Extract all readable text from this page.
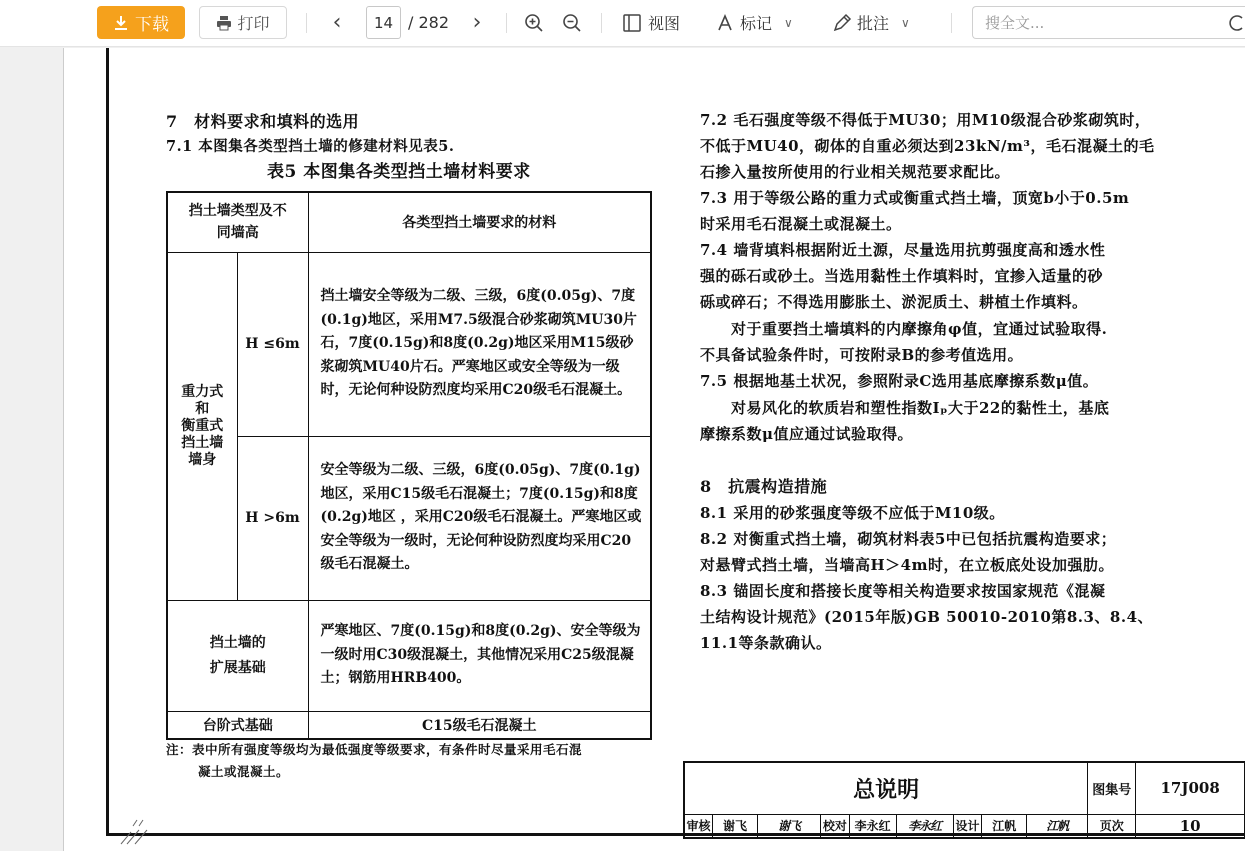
下载	打印	‹	14 / 282 ›	视图	标记 ∨	批注 ∨	搜全文...
7　材料要求和填料的选用
7.1 本图集各类型挡土墙的修建材料见表5.
表5 本图集各类型挡土墙材料要求
挡土墙类型及不
同墙高		各类型挡土墙要求的材料

重力式
和
衡重式
挡土墙
墙身	H ≤6m	挡土墙安全等级为二级、三级，6度(0.05g)、7度(0.1g)地区，采用M7.5级混合砂浆砌筑MU30片石，7度(0.15g)和8度(0.2g)地区采用M15级砂浆砌筑MU40片石。严寒地区或安全等级为一级时，无论何种设防烈度均采用C20级毛石混凝土。
	H >6m	安全等级为二级、三级，6度(0.05g)、7度(0.1g)地区，采用C15级毛石混凝土；7度(0.15g)和8度(0.2g)地区 ，采用C20级毛石混凝土。严寒地区或安全等级为一级时，无论何种设防烈度均采用C20级毛石混凝土。

挡土墙的
扩展基础		严寒地区、7度(0.15g)和8度(0.2g)、安全等级为一级时用C30级混凝土，其他情况采用C25级混凝土；钢筋用HRB400。
台阶式基础		C15级毛石混凝土
注：表中所有强度等级均为最低强度等级要求，有条件时尽量采用毛石混
凝土或混凝土。
7.2 毛石强度等级不得低于MU30；用M10级混合砂浆砌筑时，
不低于MU40，砌体的自重必须达到23kN/m³，毛石混凝土的毛
石掺入量按所使用的行业相关规范要求配比。
7.3 用于等级公路的重力式或衡重式挡土墙，顶宽b小于0.5m
时采用毛石混凝土或混凝土。
7.4 墙背填料根据附近土源，尽量选用抗剪强度高和透水性
强的砾石或砂土。当选用黏性土作填料时，宜掺入适量的砂
砾或碎石；不得选用膨胀土、淤泥质土、耕植土作填料。
　　对于重要挡土墙填料的内摩擦角φ值，宜通过试验取得.
不具备试验条件时，可按附录B的参考值选用。
7.5 根据地基土状况，参照附录C选用基底摩擦系数μ值。
　　对易风化的软质岩和塑性指数Iₚ大于22的黏性土，基底
摩擦系数μ值应通过试验取得。
8　抗震构造措施
8.1 采用的砂浆强度等级不应低于M10级。
8.2 对衡重式挡土墙，砌筑材料表5中已包括抗震构造要求；
对悬臂式挡土墙，当墙高H＞4m时，在立板底处设加强肋。
8.3 锚固长度和搭接长度等相关构造要求按国家规范《混凝
土结构设计规范》(2015年版)GB 50010-2010第8.3、8.4、
11.1等条款确认。
总说明									图集号	17J008
审核	谢飞	谢飞	校对	李永红	李永红	设计	江帆	江帆	页次	10
